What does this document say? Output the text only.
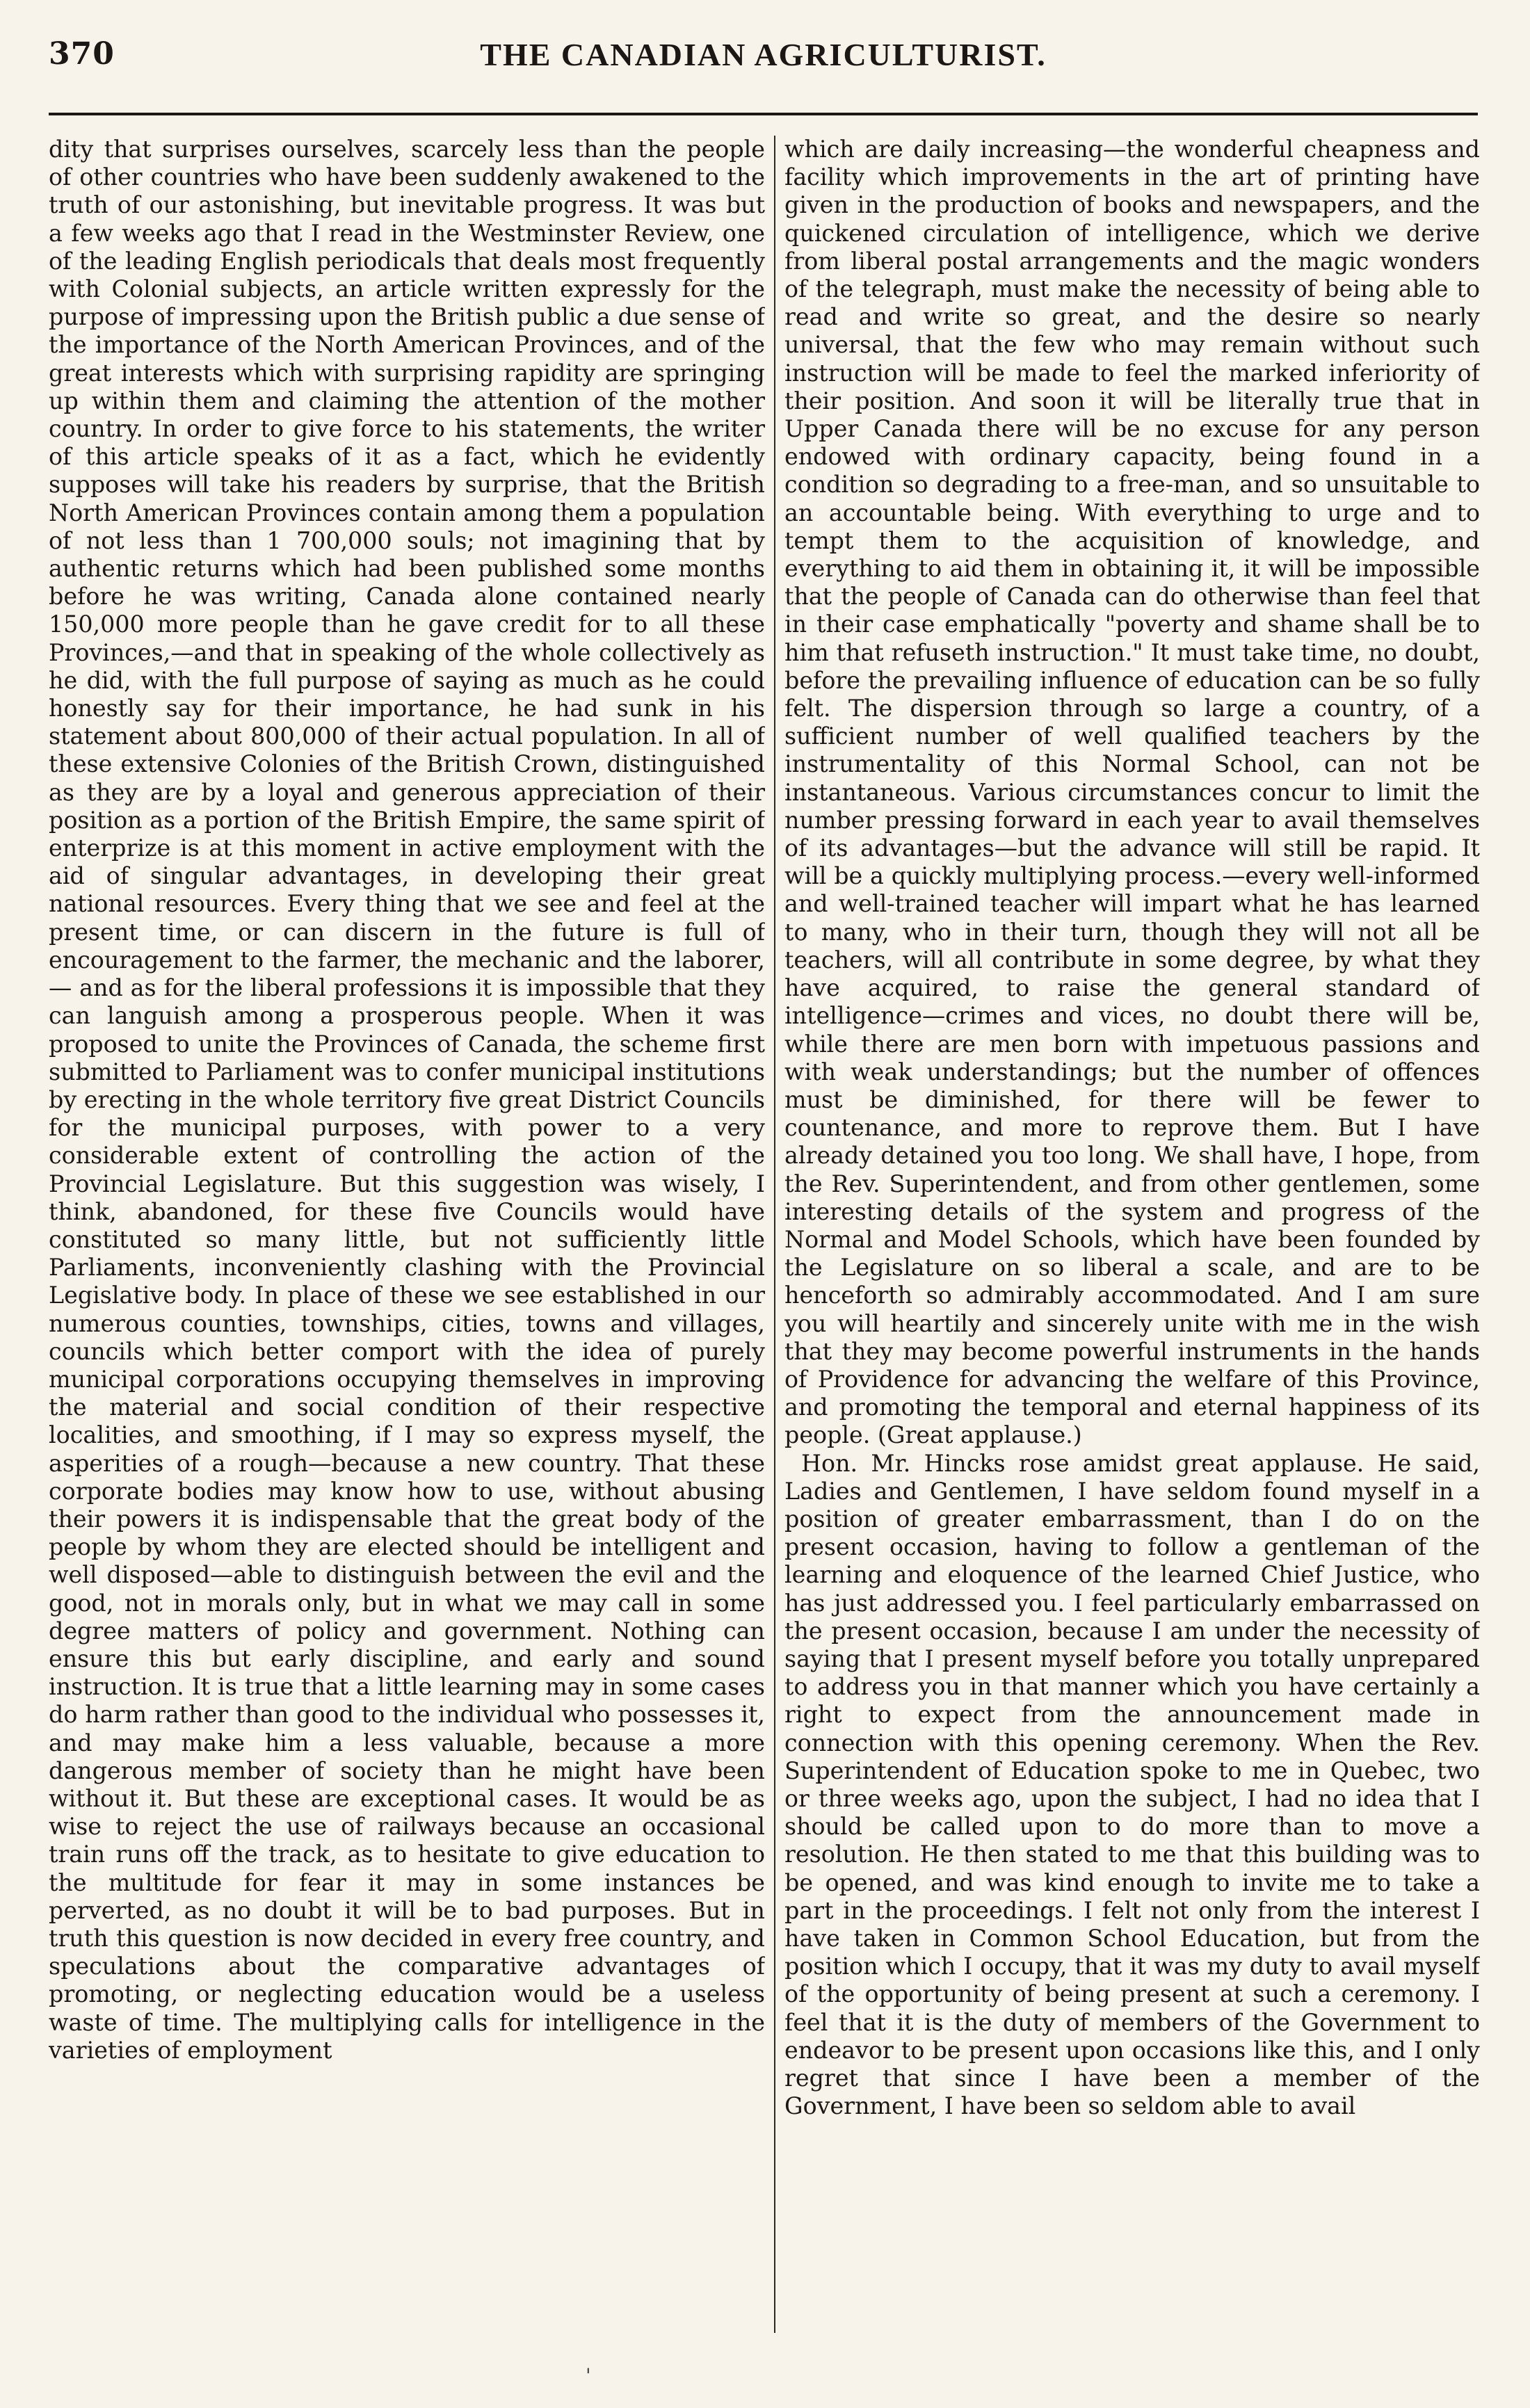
370	THE CANADIAN AGRICULTURIST.

dity that surprises ourselves, scarcely less than the people of other countries who have been suddenly awakened to the truth of our astonishing, but inevitable progress. It was but a few weeks ago that I read in the Westminster Review, one of the leading English periodicals that deals most frequently with Colonial subjects, an article written expressly for the purpose of impressing upon the British public a due sense of the importance of the North American Provinces, and of the great interests which with surprising rapidity are springing up within them and claiming the attention of the mother country. In order to give force to his statements, the writer of this article speaks of it as a fact, which he evidently supposes will take his readers by surprise, that the British North American Provinces contain among them a population of not less than 1 700,000 souls; not imagining that by authentic returns which had been published some months before he was writing, Canada alone contained nearly 150,000 more people than he gave credit for to all these Provinces,—and that in speaking of the whole collectively as he did, with the full purpose of saying as much as he could honestly say for their importance, he had sunk in his statement about 800,000 of their actual population. In all of these extensive Colonies of the British Crown, distinguished as they are by a loyal and generous appreciation of their position as a portion of the British Empire, the same spirit of enterprize is at this moment in active employment with the aid of singular advantages, in developing their great national resources. Every thing that we see and feel at the present time, or can discern in the future is full of encouragement to the farmer, the mechanic and the laborer,— and as for the liberal professions it is impossible that they can languish among a prosperous people. When it was proposed to unite the Provinces of Canada, the scheme first submitted to Parliament was to confer municipal institutions by erecting in the whole territory five great District Councils for the municipal purposes, with power to a very considerable extent of controlling the action of the Provincial Legislature. But this suggestion was wisely, I think, abandoned, for these five Councils would have constituted so many little, but not sufficiently little Parliaments, inconveniently clashing with the Provincial Legislative body. In place of these we see established in our numerous counties, townships, cities, towns and villages, councils which better comport with the idea of purely municipal corporations occupying themselves in improving the material and social condition of their respective localities, and smoothing, if I may so express myself, the asperities of a rough—because a new country. That these corporate bodies may know how to use, without abusing their powers it is indispensable that the great body of the people by whom they are elected should be intelligent and well disposed—able to distinguish between the evil and the good, not in morals only, but in what we may call in some degree matters of policy and government. Nothing can ensure this but early discipline, and early and sound instruction. It is true that a little learning may in some cases do harm rather than good to the individual who possesses it, and may make him a less valuable, because a more dangerous member of society than he might have been without it. But these are exceptional cases. It would be as wise to reject the use of railways because an occasional train runs off the track, as to hesitate to give education to the multitude for fear it may in some instances be perverted, as no doubt it will be to bad purposes. But in truth this question is now decided in every free country, and speculations about the comparative advantages of promoting, or neglecting education would be a useless waste of time. The multiplying calls for intelligence in the varieties of employment

which are daily increasing—the wonderful cheapness and facility which improvements in the art of printing have given in the production of books and newspapers, and the quickened circulation of intelligence, which we derive from liberal postal arrangements and the magic wonders of the telegraph, must make the necessity of being able to read and write so great, and the desire so nearly universal, that the few who may remain without such instruction will be made to feel the marked inferiority of their position. And soon it will be literally true that in Upper Canada there will be no excuse for any person endowed with ordinary capacity, being found in a condition so degrading to a free-man, and so unsuitable to an accountable being. With everything to urge and to tempt them to the acquisition of knowledge, and everything to aid them in obtaining it, it will be impossible that the people of Canada can do otherwise than feel that in their case emphatically "poverty and shame shall be to him that refuseth instruction." It must take time, no doubt, before the prevailing influence of education can be so fully felt. The dispersion through so large a country, of a sufficient number of well qualified teachers by the instrumentality of this Normal School, can not be instantaneous. Various circumstances concur to limit the number pressing forward in each year to avail themselves of its advantages—but the advance will still be rapid. It will be a quickly multiplying process.—every well-informed and well-trained teacher will impart what he has learned to many, who in their turn, though they will not all be teachers, will all contribute in some degree, by what they have acquired, to raise the general standard of intelligence—crimes and vices, no doubt there will be, while there are men born with impetuous passions and with weak understandings; but the number of offences must be diminished, for there will be fewer to countenance, and more to reprove them. But I have already detained you too long. We shall have, I hope, from the Rev. Superintendent, and from other gentlemen, some interesting details of the system and progress of the Normal and Model Schools, which have been founded by the Legislature on so liberal a scale, and are to be henceforth so admirably accommodated. And I am sure you will heartily and sincerely unite with me in the wish that they may become powerful instruments in the hands of Providence for advancing the welfare of this Province, and promoting the temporal and eternal happiness of its people. (Great applause.)

Hon. Mr. Hincks rose amidst great applause. He said, Ladies and Gentlemen, I have seldom found myself in a position of greater embarrassment, than I do on the present occasion, having to follow a gentleman of the learning and eloquence of the learned Chief Justice, who has just addressed you. I feel particularly embarrassed on the present occasion, because I am under the necessity of saying that I present myself before you totally unprepared to address you in that manner which you have certainly a right to expect from the announcement made in connection with this opening ceremony. When the Rev. Superintendent of Education spoke to me in Quebec, two or three weeks ago, upon the subject, I had no idea that I should be called upon to do more than to move a resolution. He then stated to me that this building was to be opened, and was kind enough to invite me to take a part in the proceedings. I felt not only from the interest I have taken in Common School Education, but from the position which I occupy, that it was my duty to avail myself of the opportunity of being present at such a ceremony. I feel that it is the duty of members of the Government to endeavor to be present upon occasions like this, and I only regret that since I have been a member of the Government, I have been so seldom able to avail

'
